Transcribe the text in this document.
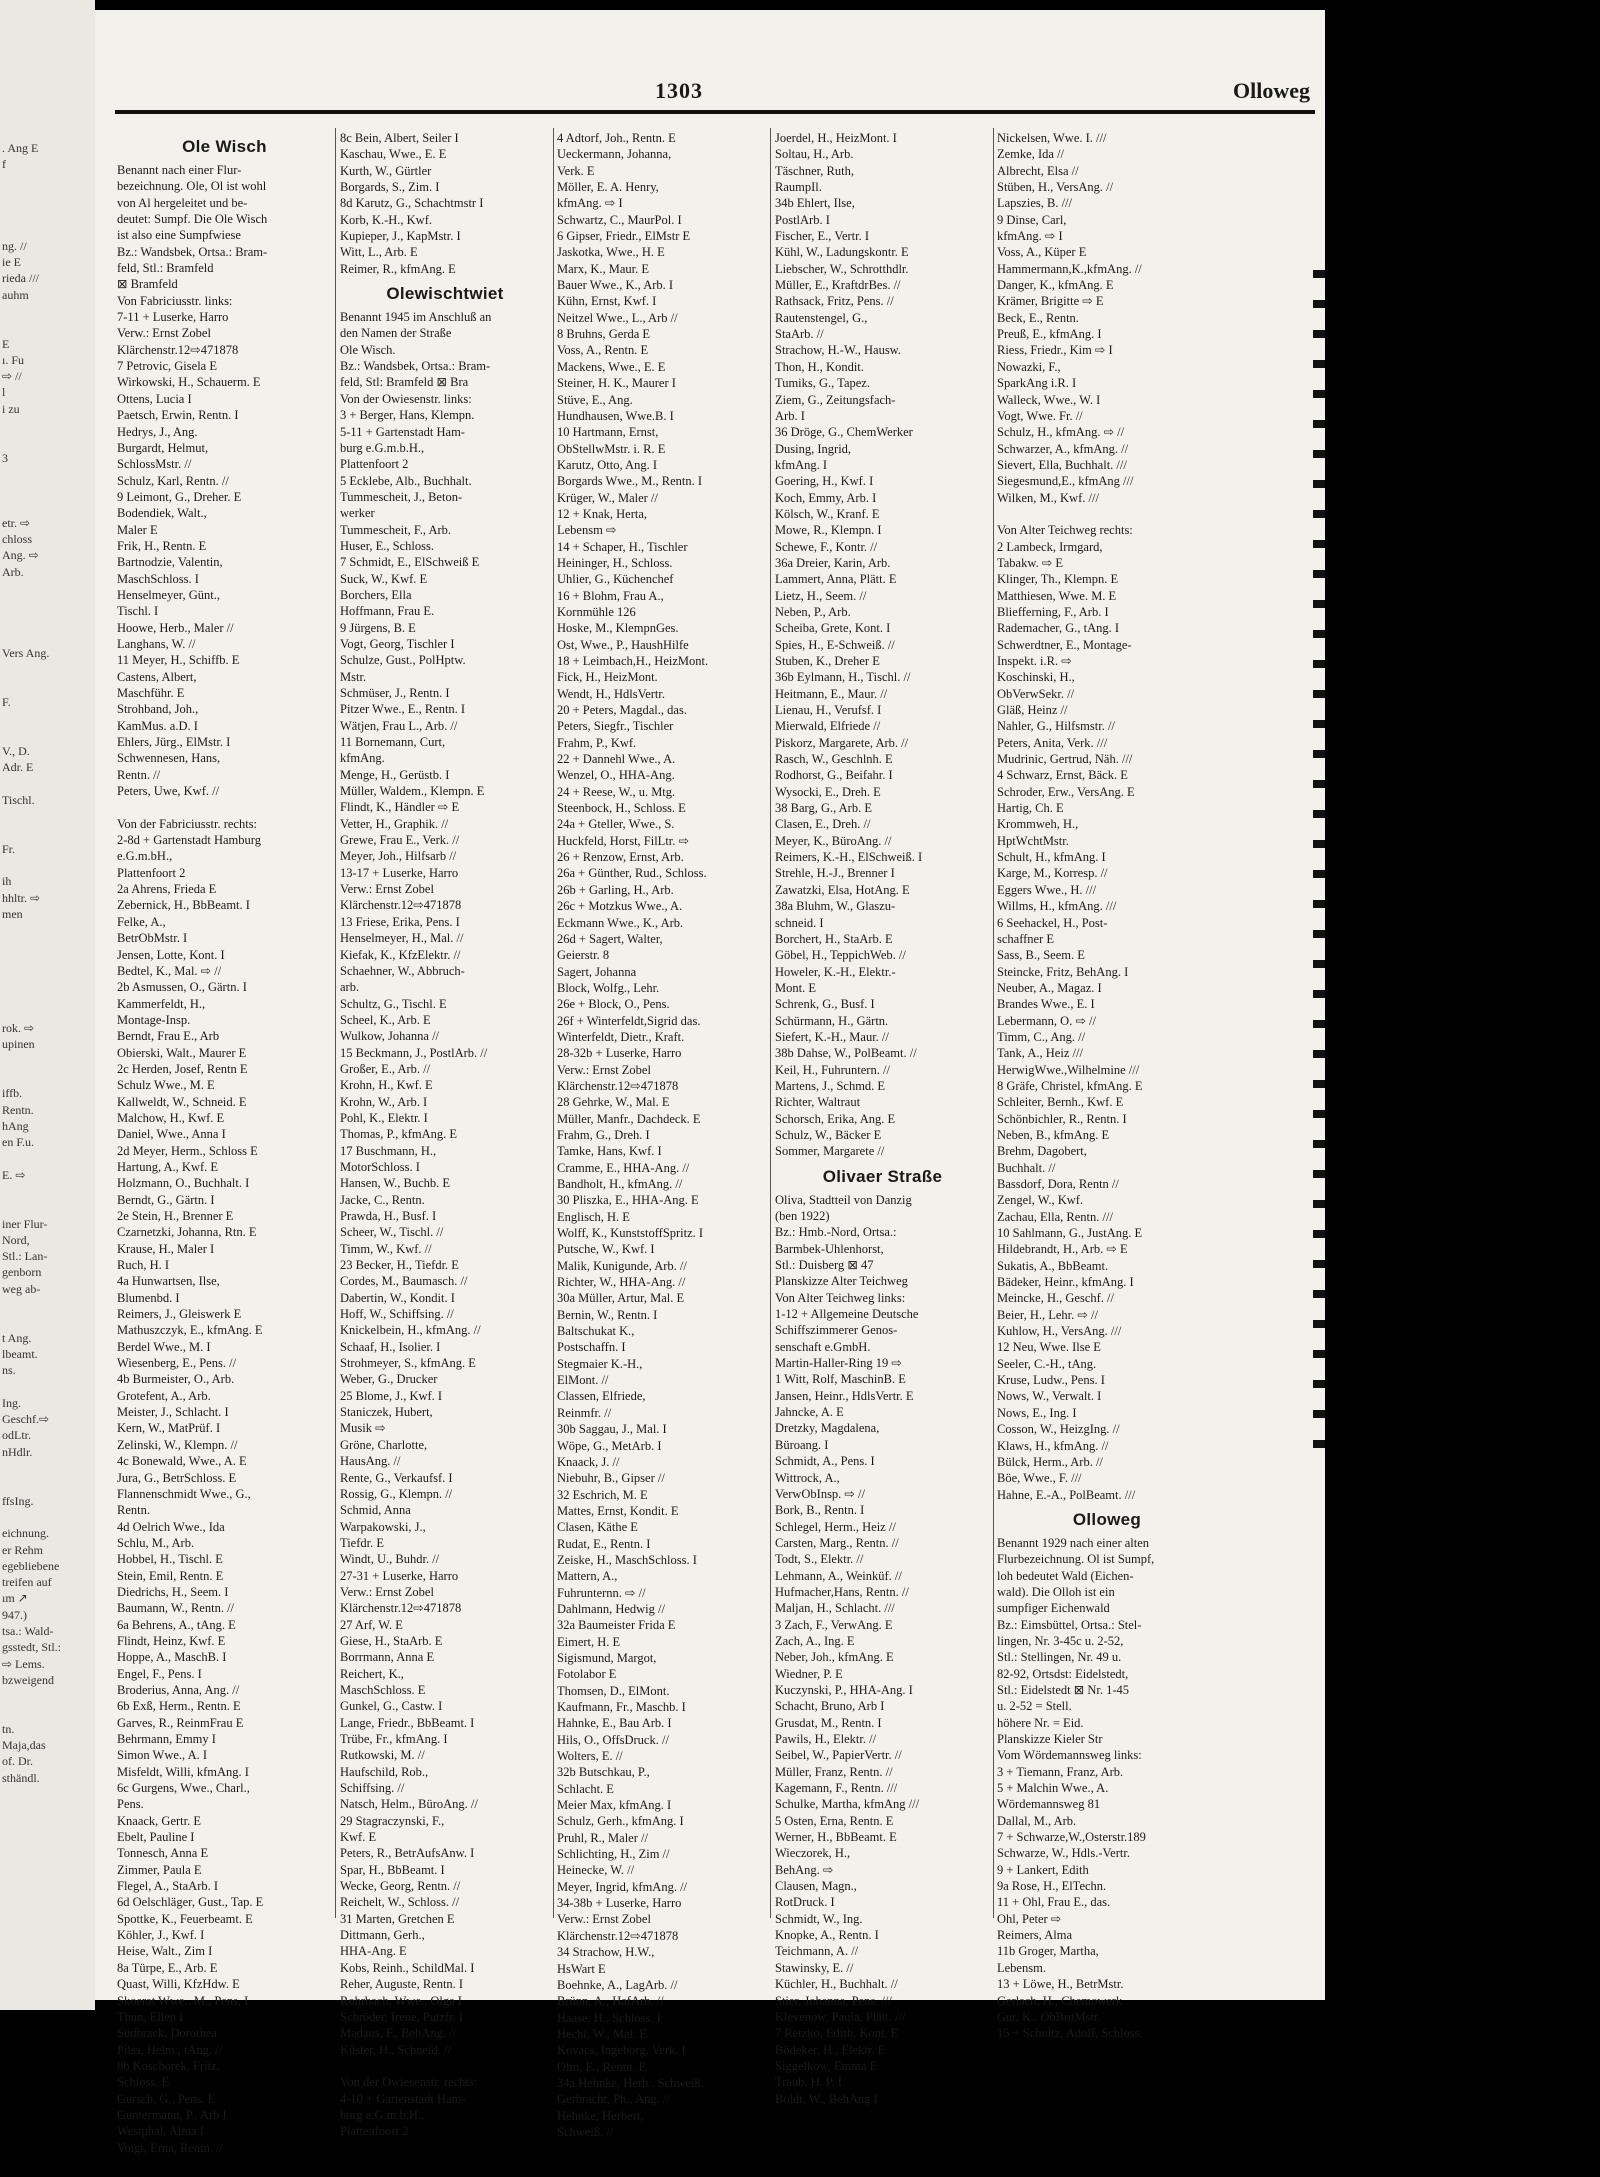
. Ang E
f

ng. //
ie E
rieda ///
auhm

E
ı. Fu
⇨ //
l
i zu

3

etr. ⇨
chloss
Ang. ⇨
Arb.

Vers Ang.

F.

V., D.
Adr. E

Tischl.

Fr.

ih
hhltr. ⇨
men

rok. ⇨
upinen

iffb.
Rentn.
hAng
en F.u.

E. ⇨

iner Flur-
Nord,
Stl.: Lan-
genborn
weg ab-

t Ang.
lbeamt.
ns.

Ing.
Geschf.⇨
odLtr.
nHdlr.

ffsIng.

eichnung.
er Rehm
egebliebene
treifen auf
ım ↗
947.)
tsa.: Wald-
gsstedt, Stl.:
⇨ Lems.
bzweigend

tn.
Maja,das
of. Dr.
sthändl.
1303	Olloweg
Ole Wisch
Benannt nach einer Flur-
bezeichnung. Ole, Ol ist wohl
von Al hergeleitet und be-
deutet: Sumpf. Die Ole Wisch
ist also eine Sumpfwiese
Bz.: Wandsbek, Ortsa.: Bram-
feld, Stl.: Bramfeld
⊠ Bramfeld
Von Fabriciusstr. links:
7-11 + Luserke, Harro
Verw.: Ernst Zobel
Klärchenstr.12⇨471878
7 Petrovic, Gisela E
Wirkowski, H., Schauerm. E
Ottens, Lucia I
Paetsch, Erwin, Rentn. I
Hedrys, J., Ang.
Burgardt, Helmut,
SchlossMstr. //
Schulz, Karl, Rentn. //
9 Leimont, G., Dreher. E
Bodendiek, Walt.,
Maler E
Frik, H., Rentn. E
Bartnodzie, Valentin,
MaschSchloss. I
Henselmeyer, Günt.,
Tischl. I
Hoowe, Herb., Maler //
Langhans, W. //
11 Meyer, H., Schiffb. E
Castens, Albert,
Maschführ. E
Strohband, Joh.,
KamMus. a.D. I
Ehlers, Jürg., ElMstr. I
Schwennesen, Hans,
Rentn. //
Peters, Uwe, Kwf. //

Von der Fabriciusstr. rechts:
2-8d + Gartenstadt Hamburg
e.G.m.bH.,
Plattenfoort 2
2a Ahrens, Frieda E
Zebernick, H., BbBeamt. I
Felke, A.,
BetrObMstr. I
Jensen, Lotte, Kont. I
Bedtel, K., Mal. ⇨ //
2b Asmussen, O., Gärtn. I
Kammerfeldt, H.,
Montage-Insp.
Berndt, Frau E., Arb
Obierski, Walt., Maurer E
2c Herden, Josef, Rentn E
Schulz Wwe., M. E
Kallweldt, W., Schneid. E
Malchow, H., Kwf. E
Daniel, Wwe., Anna I
2d Meyer, Herm., Schloss E
Hartung, A., Kwf. E
Holzmann, O., Buchhalt. I
Berndt, G., Gärtn. I
2e Stein, H., Brenner E
Czarnetzki, Johanna, Rtn. E
Krause, H., Maler I
Ruch, H. I
4a Hunwartsen, Ilse,
Blumenbd. I
Reimers, J., Gleiswerk E
Mathuszczyk, E., kfmAng. E
Berdel Wwe., M. I
Wiesenberg, E., Pens. //
4b Burmeister, O., Arb.
Grotefent, A., Arb.
Meister, J., Schlacht. I
Kern, W., MatPrüf. I
Zelinski, W., Klempn. //
4c Bonewald, Wwe., A. E
Jura, G., BetrSchloss. E
Flannenschmidt Wwe., G.,
Rentn.
4d Oelrich Wwe., Ida
Schlu, M., Arb.
Hobbel, H., Tischl. E
Stein, Emil, Rentn. E
Diedrichs, H., Seem. I
Baumann, W., Rentn. //
6a Behrens, A., tAng. E
Flindt, Heinz, Kwf. E
Hoppe, A., MaschB. I
Engel, F., Pens. I
Broderius, Anna, Ang. //
6b Exß, Herm., Rentn. E
Garves, R., ReinmFrau E
Behrmann, Emmy I
Simon Wwe., A. I
Misfeldt, Willi, kfmAng. I
6c Gurgens, Wwe., Charl.,
Pens.
Knaack, Gertr. E
Ebelt, Pauline I
Tonnesch, Anna E
Zimmer, Paula E
Flegel, A., StaArb. I
6d Oelschläger, Gust., Tap. E
Spottke, K., Feuerbeamt. E
Köhler, J., Kwf. I
Heise, Walt., Zim I
8a Türpe, E., Arb. E
Quast, Willi, KfzHdw. E
Skoerat Wwe., M., Pens. I
Thun, Ellen I
Südbrack, Dorothea
Pilss, Helm., tAng. //
8b Koschorek, Fritz,
Schloss. E
Gursch, G., Pens. E
Guntermann, P., Arb I
Westphal, Alma I
Voigt, Erna, Rentn. //
8c Bein, Albert, Seiler I
Kaschau, Wwe., E. E
Kurth, W., Gürtler
Borgards, S., Zim. I
8d Karutz, G., Schachtmstr I
Korb, K.-H., Kwf.
Kupieper, J., KapMstr. I
Witt, L., Arb. E
Reimer, R., kfmAng. E
Olewischtwiet
Benannt 1945 im Anschluß an
den Namen der Straße
Ole Wisch.
Bz.: Wandsbek, Ortsa.: Bram-
feld, Stl: Bramfeld ⊠ Bra
Von der Owiesenstr. links:
3 + Berger, Hans, Klempn.
5-11 + Gartenstadt Ham-
burg e.G.m.b.H.,
Plattenfoort 2
5 Ecklebe, Alb., Buchhalt.
Tummescheit, J., Beton-
werker
Tummescheit, F., Arb.
Huser, E., Schloss.
7 Schmidt, E., ElSchweiß E
Suck, W., Kwf. E
Borchers, Ella
Hoffmann, Frau E.
9 Jürgens, B. E
Vogt, Georg, Tischler I
Schulze, Gust., PolHptw.
Mstr.
Schmüser, J., Rentn. I
Pitzer Wwe., E., Rentn. I
Wätjen, Frau L., Arb. //
11 Bornemann, Curt,
kfmAng.
Menge, H., Gerüstb. I
Müller, Waldem., Klempn. E
Flindt, K., Händler ⇨ E
Vetter, H., Graphik. //
Grewe, Frau E., Verk. //
Meyer, Joh., Hilfsarb //
13-17 + Luserke, Harro
Verw.: Ernst Zobel
Klärchenstr.12⇨471878
13 Friese, Erika, Pens. I
Henselmeyer, H., Mal. //
Kiefak, K., KfzElektr. //
Schaehner, W., Abbruch-
arb.
Schultz, G., Tischl. E
Scheel, K., Arb. E
Wulkow, Johanna //
15 Beckmann, J., PostlArb. //
Großer, E., Arb. //
Krohn, H., Kwf. E
Krohn, W., Arb. I
Pohl, K., Elektr. I
Thomas, P., kfmAng. E
17 Buschmann, H.,
MotorSchloss. I
Hansen, W., Buchb. E
Jacke, C., Rentn.
Prawda, H., Busf. I
Scheer, W., Tischl. //
Timm, W., Kwf. //
23 Becker, H., Tiefdr. E
Cordes, M., Baumasch. //
Dabertin, W., Kondit. I
Hoff, W., Schiffsing. //
Knickelbein, H., kfmAng. //
Schaaf, H., Isolier. I
Strohmeyer, S., kfmAng. E
Weber, G., Drucker
25 Blome, J., Kwf. I
Staniczek, Hubert,
Musik ⇨
Gröne, Charlotte,
HausAng. //
Rente, G., Verkaufsf. I
Rossig, G., Klempn. //
Schmid, Anna
Warpakowski, J.,
Tiefdr. E
Windt, U., Buhdr. //
27-31 + Luserke, Harro
Verw.: Ernst Zobel
Klärchenstr.12⇨471878
27 Arf, W. E
Giese, H., StaArb. E
Borrmann, Anna E
Reichert, K.,
MaschSchloss. E
Gunkel, G., Castw. I
Lange, Friedr., BbBeamt. I
Trübe, Fr., kfmAng. I
Rutkowski, M. //
Haufschild, Rob.,
Schiffsing. //
Natsch, Helm., BüroAng. //
29 Stagraczynski, F.,
Kwf. E
Peters, R., BetrAufsAnw. I
Spar, H., BbBeamt. I
Wecke, Georg, Rentn. //
Reichelt, W., Schloss. //
31 Marten, Gretchen E
Dittmann, Gerh.,
HHA-Ang. E
Kobs, Reinh., SchildMal. I
Reher, Auguste, Rentn. I
Rohrbach, Wwe., Olga I
Schröder, Irene, Putzfr. I
Madaus, F., BehAng. //
Küster, H., Schneid. //

Von der Owiesenstr. rechts:
4-10 + Gartenstadt Ham-
burg e.G.m.b.H.,
Plattenfoort 2
4 Adtorf, Joh., Rentn. E
Ueckermann, Johanna,
Verk. E
Möller, E. A. Henry,
kfmAng. ⇨ I
Schwartz, C., MaurPol. I
6 Gipser, Friedr., ElMstr E
Jaskotka, Wwe., H. E
Marx, K., Maur. E
Bauer Wwe., K., Arb. I
Kühn, Ernst, Kwf. I
Neitzel Wwe., L., Arb //
8 Bruhns, Gerda E
Voss, A., Rentn. E
Mackens, Wwe., E. E
Steiner, H. K., Maurer I
Stüve, E., Ang.
Hundhausen, Wwe.B. I
10 Hartmann, Ernst,
ObStellwMstr. i. R. E
Karutz, Otto, Ang. I
Borgards Wwe., M., Rentn. I
Krüger, W., Maler //
12 + Knak, Herta,
Lebensm ⇨
14 + Schaper, H., Tischler
Heininger, H., Schloss.
Uhlier, G., Küchenchef
16 + Blohm, Frau A.,
Kornmühle 126
Hoske, M., KlempnGes.
Ost, Wwe., P., HaushHilfe
18 + Leimbach,H., HeizMont.
Fick, H., HeizMont.
Wendt, H., HdlsVertr.
20 + Peters, Magdal., das.
Peters, Siegfr., Tischler
Frahm, P., Kwf.
22 + Dannehl Wwe., A.
Wenzel, O., HHA-Ang.
24 + Reese, W., u. Mtg.
Steenbock, H., Schloss. E
24a + Gteller, Wwe., S.
Huckfeld, Horst, FilLtr. ⇨
26 + Renzow, Ernst, Arb.
26a + Günther, Rud., Schloss.
26b + Garling, H., Arb.
26c + Motzkus Wwe., A.
Eckmann Wwe., K., Arb.
26d + Sagert, Walter,
Geierstr. 8
Sagert, Johanna
Block, Wolfg., Lehr.
26e + Block, O., Pens.
26f + Winterfeldt,Sigrid das.
Winterfeldt, Dietr., Kraft.
28-32b + Luserke, Harro
Verw.: Ernst Zobel
Klärchenstr.12⇨471878
28 Gehrke, W., Mal. E
Müller, Manfr., Dachdeck. E
Frahm, G., Dreh. I
Tamke, Hans, Kwf. I
Cramme, E., HHA-Ang. //
Bandholt, H., kfmAng. //
30 Pliszka, E., HHA-Ang. E
Englisch, H. E
Wolff, K., KunststoffSpritz. I
Putsche, W., Kwf. I
Malik, Kunigunde, Arb. //
Richter, W., HHA-Ang. //
30a Müller, Artur, Mal. E
Bernin, W., Rentn. I
Baltschukat K.,
Postschaffn. I
Stegmaier K.-H.,
ElMont. //
Classen, Elfriede,
Reinmfr. //
30b Saggau, J., Mal. I
Wöpe, G., MetArb. I
Knaack, J. //
Niebuhr, B., Gipser //
32 Eschrich, M. E
Mattes, Ernst, Kondit. E
Clasen, Käthe E
Rudat, E., Rentn. I
Zeiske, H., MaschSchloss. I
Mattern, A.,
Fuhrunternn. ⇨ //
Dahlmann, Hedwig //
32a Baumeister Frida E
Eimert, H. E
Sigismund, Margot,
Fotolabor E
Thomsen, D., ElMont.
Kaufmann, Fr., Maschb. I
Hahnke, E., Bau Arb. I
Hils, O., OffsDruck. //
Wolters, E. //
32b Butschkau, P.,
Schlacht. E
Meier Max, kfmAng. I
Schulz, Gerh., kfmAng. I
Pruhl, R., Maler //
Schlichting, H., Zim //
Heinecke, W. //
Meyer, Ingrid, kfmAng. //
34-38b + Luserke, Harro
Verw.: Ernst Zobel
Klärchenstr.12⇨471878
34 Strachow, H.W.,
HsWart E
Boehnke, A., LagArb. //
Brünn, A., HafArb. //
Haase, H., Schloss. I
Hecht, W., Mal. E
Kovacs, Ingeborg, Verk. I
Olm, E., Rentn. E
34a Hehnke, Herb., Schweiß.
Gerbracht, Ph., Ang. //
Hehnke, Herbert,
Schweiß. //
Joerdel, H., HeizMont. I
Soltau, H., Arb.
Täschner, Ruth,
RaumpIl.
34b Ehlert, Ilse,
PostlArb. I
Fischer, E., Vertr. I
Kühl, W., Ladungskontr. E
Liebscher, W., Schrotthdlr.
Müller, E., KraftdrBes. //
Rathsack, Fritz, Pens. //
Rautenstengel, G.,
StaArb. //
Strachow, H.-W., Hausw.
Thon, H., Kondit.
Tumiks, G., Tapez.
Ziem, G., Zeitungsfach-
Arb. I
36 Dröge, G., ChemWerker
Dusing, Ingrid,
kfmAng. I
Goering, H., Kwf. I
Koch, Emmy, Arb. I
Kölsch, W., Kranf. E
Mowe, R., Klempn. I
Schewe, F., Kontr. //
36a Dreier, Karin, Arb.
Lammert, Anna, Plätt. E
Lietz, H., Seem. //
Neben, P., Arb.
Scheiba, Grete, Kont. I
Spies, H., E-Schweiß. //
Stuben, K., Dreher E
36b Eylmann, H., Tischl. //
Heitmann, E., Maur. //
Lienau, H., Verufsf. I
Mierwald, Elfriede //
Piskorz, Margarete, Arb. //
Rasch, W., Geschlnh. E
Rodhorst, G., Beifahr. I
Wysocki, E., Dreh. E
38 Barg, G., Arb. E
Clasen, E., Dreh. //
Meyer, K., BüroAng. //
Reimers, K.-H., ElSchweiß. I
Strehle, H.-J., Brenner I
Zawatzki, Elsa, HotAng. E
38a Bluhm, W., Glaszu-
schneid. I
Borchert, H., StaArb. E
Göbel, H., TeppichWeb. //
Howeler, K.-H., Elektr.-
Mont. E
Schrenk, G., Busf. I
Schürmann, H., Gärtn.
Siefert, K.-H., Maur. //
38b Dahse, W., PolBeamt. //
Keil, H., Fuhruntern. //
Martens, J., Schmd. E
Richter, Waltraut
Schorsch, Erika, Ang. E
Schulz, W., Bäcker E
Sommer, Margarete //
Olivaer Straße
Oliva, Stadtteil von Danzig
(ben 1922)
Bz.: Hmb.-Nord, Ortsa.:
Barmbek-Uhlenhorst,
Stl.: Duisberg ⊠ 47
Planskizze Alter Teichweg
Von Alter Teichweg links:
1-12 + Allgemeine Deutsche
Schiffszimmerer Genos-
senschaft e.GmbH.
Martin-Haller-Ring 19 ⇨
1 Witt, Rolf, MaschinB. E
Jansen, Heinr., HdlsVertr. E
Jahncke, A. E
Dretzky, Magdalena,
Büroang. I
Schmidt, A., Pens. I
Wittrock, A.,
VerwObInsp. ⇨ //
Bork, B., Rentn. I
Schlegel, Herm., Heiz //
Carsten, Marg., Rentn. //
Todt, S., Elektr. //
Lehmann, A., Weinküf. //
Hufmacher,Hans, Rentn. //
Maljan, H., Schlacht. ///
3 Zach, F., VerwAng. E
Zach, A., Ing. E
Neber, Joh., kfmAng. E
Wiedner, P. E
Kuczynski, P., HHA-Ang. I
Schacht, Bruno, Arb I
Grusdat, M., Rentn. I
Pawils, H., Elektr. //
Seibel, W., PapierVertr. //
Müller, Franz, Rentn. //
Kagemann, F., Rentn. ///
Schulke, Martha, kfmAng ///
5 Osten, Erna, Rentn. E
Werner, H., BbBeamt. E
Wieczorek, H.,
BehAng. ⇨
Clausen, Magn.,
RotDruck. I
Schmidt, W., Ing.
Knopke, A., Rentn. I
Teichmann, A. //
Stawinsky, E. //
Küchler, H., Buchhalt. //
Stier, Johanna, Pens. ///
Klevenow, Paula, Plätt. ///
7 Retzko, Edith, Kont. E
Bödeker, H., Elektr. E
Siggelkow, Emma E
Traub, H. P. I
Boldt, W., BehAng I
Nickelsen, Wwe. I. ///
Zemke, Ida //
Albrecht, Elsa //
Stüben, H., VersAng. //
Lapszies, B. ///
9 Dinse, Carl,
kfmAng. ⇨ I
Voss, A., Küper E
Hammermann,K.,kfmAng. //
Danger, K., kfmAng. E
Krämer, Brigitte ⇨ E
Beck, E., Rentn.
Preuß, E., kfmAng. I
Riess, Friedr., Kim ⇨ I
Nowazki, F.,
SparkAng i.R. I
Walleck, Wwe., W. I
Vogt, Wwe. Fr. //
Schulz, H., kfmAng. ⇨ //
Schwarzer, A., kfmAng. //
Sievert, Ella, Buchhalt. ///
Siegesmund,E., kfmAng ///
Wilken, M., Kwf. ///

Von Alter Teichweg rechts:
2 Lambeck, Irmgard,
Tabakw. ⇨ E
Klinger, Th., Klempn. E
Matthiesen, Wwe. M. E
Bliefferning, F., Arb. I
Rademacher, G., tAng. I
Schwerdtner, E., Montage-
Inspekt. i.R. ⇨
Koschinski, H.,
ObVerwSekr. //
Gläß, Heinz //
Nahler, G., Hilfsmstr. //
Peters, Anita, Verk. ///
Mudrinic, Gertrud, Näh. ///
4 Schwarz, Ernst, Bäck. E
Schroder, Erw., VersAng. E
Hartig, Ch. E
Krommweh, H.,
HptWchtMstr.
Schult, H., kfmAng. I
Karge, M., Korresp. //
Eggers Wwe., H. ///
Willms, H., kfmAng. ///
6 Seehackel, H., Post-
schaffner E
Sass, B., Seem. E
Steincke, Fritz, BehAng. I
Neuber, A., Magaz. I
Brandes Wwe., E. I
Lebermann, O. ⇨ //
Timm, C., Ang. //
Tank, A., Heiz ///
HerwigWwe.,Wilhelmine ///
8 Gräfe, Christel, kfmAng. E
Schleiter, Bernh., Kwf. E
Schönbichler, R., Rentn. I
Neben, B., kfmAng. E
Brehm, Dagobert,
Buchhalt. //
Bassdorf, Dora, Rentn //
Zengel, W., Kwf.
Zachau, Ella, Rentn. ///
10 Sahlmann, G., JustAng. E
Hildebrandt, H., Arb. ⇨ E
Sukatis, A., BbBeamt.
Bädeker, Heinr., kfmAng. I
Meincke, H., Geschf. //
Beier, H., Lehr. ⇨ //
Kuhlow, H., VersAng. ///
12 Neu, Wwe. Ilse E
Seeler, C.-H., tAng.
Kruse, Ludw., Pens. I
Nows, W., Verwalt. I
Nows, E., Ing. I
Cosson, W., HeizgIng. //
Klaws, H., kfmAng. //
Bülck, Herm., Arb. //
Böe, Wwe., F. ///
Hahne, E.-A., PolBeamt. ///
Olloweg
Benannt 1929 nach einer alten
Flurbezeichnung. Ol ist Sumpf,
loh bedeutet Wald (Eichen-
wald). Die Olloh ist ein
sumpfiger Eichenwald
Bz.: Eimsbüttel, Ortsa.: Stel-
lingen, Nr. 3-45c u. 2-52,
Stl.: Stellingen, Nr. 49 u.
82-92, Ortsdst: Eidelstedt,
Stl.: Eidelstedt ⊠ Nr. 1-45
u. 2-52 = Stell.
höhere Nr. = Eid.
Planskizze Kieler Str
Vom Wördemannsweg links:
3 + Tiemann, Franz, Arb.
5 + Malchin Wwe., A.
Wördemannsweg 81
Dallal, M., Arb.
7 + Schwarze,W.,Osterstr.189
Schwarze, W., Hdls.-Vertr.
9 + Lankert, Edith
9a Rose, H., ElTechn.
11 + Ohl, Frau E., das.
Ohl, Peter ⇨
Reimers, Alma
11b Groger, Martha,
Lebensm.
13 + Löwe, H., BetrMstr.
Gerlach, H., Chemowerk.
Gut, K., ObBrdMstr.
15 + Schultz, Adolf, Schloss.
